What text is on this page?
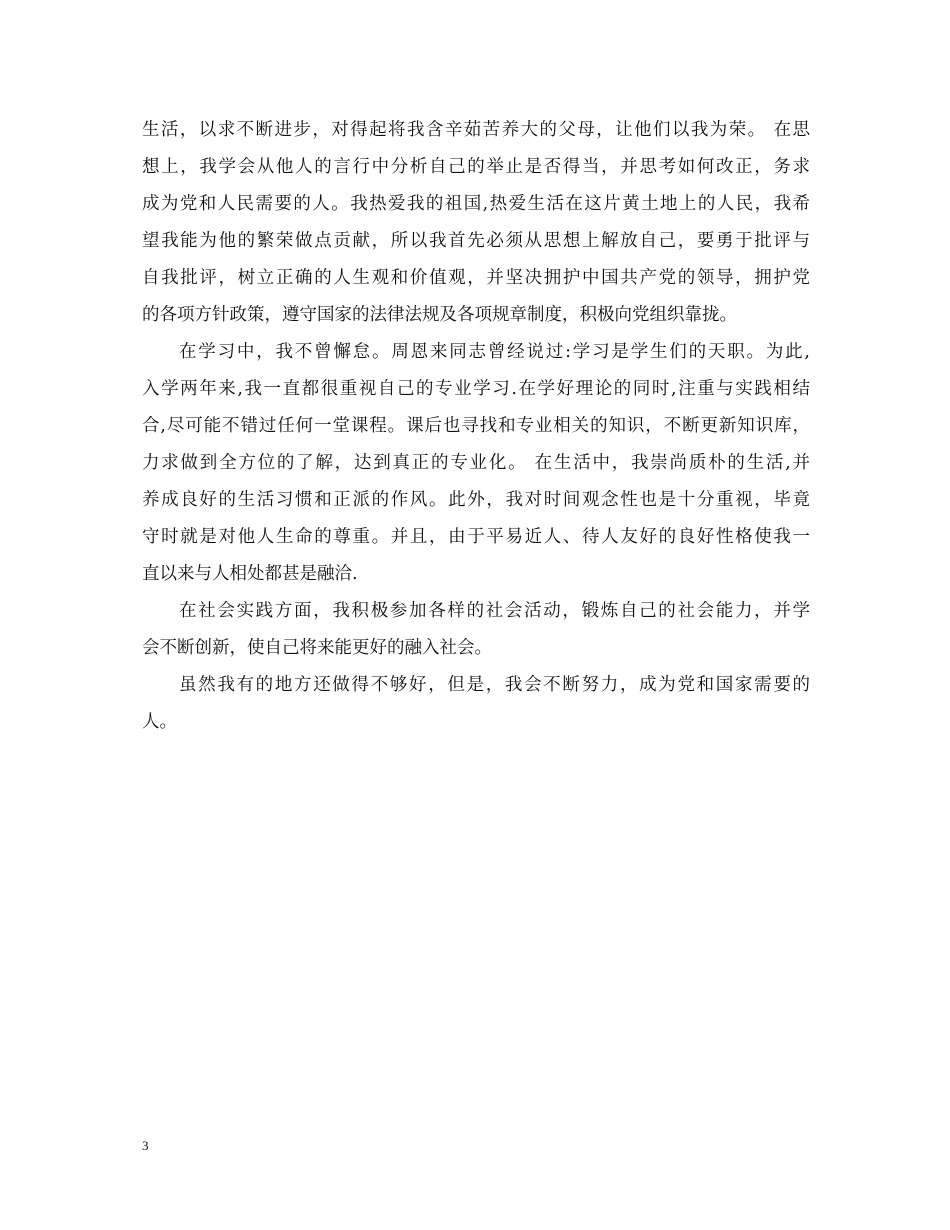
生活，以求不断进步，对得起将我含辛茹苦养大的父母，让他们以我为荣。 在思
想上，我学会从他人的言行中分析自己的举止是否得当，并思考如何改正，务求
成为党和人民需要的人。我热爱我的祖国,热爱生活在这片黄土地上的人民，我希
望我能为他的繁荣做点贡献，所以我首先必须从思想上解放自己，要勇于批评与
自我批评，树立正确的人生观和价值观，并坚决拥护中国共产党的领导，拥护党
的各项方针政策，遵守国家的法律法规及各项规章制度，积极向党组织靠拢。
在学习中，我不曾懈怠。周恩来同志曾经说过:学习是学生们的天职。为此,
入学两年来,我一直都很重视自己的专业学习.在学好理论的同时,注重与实践相结
合,尽可能不错过任何一堂课程。课后也寻找和专业相关的知识，不断更新知识库，
力求做到全方位的了解，达到真正的专业化。 在生活中，我崇尚质朴的生活,并
养成良好的生活习惯和正派的作风。此外，我对时间观念性也是十分重视，毕竟
守时就是对他人生命的尊重。并且，由于平易近人、待人友好的良好性格使我一
直以来与人相处都甚是融洽.
在社会实践方面，我积极参加各样的社会活动，锻炼自己的社会能力，并学
会不断创新，使自己将来能更好的融入社会。
虽然我有的地方还做得不够好，但是，我会不断努力，成为党和国家需要的
人。
3
